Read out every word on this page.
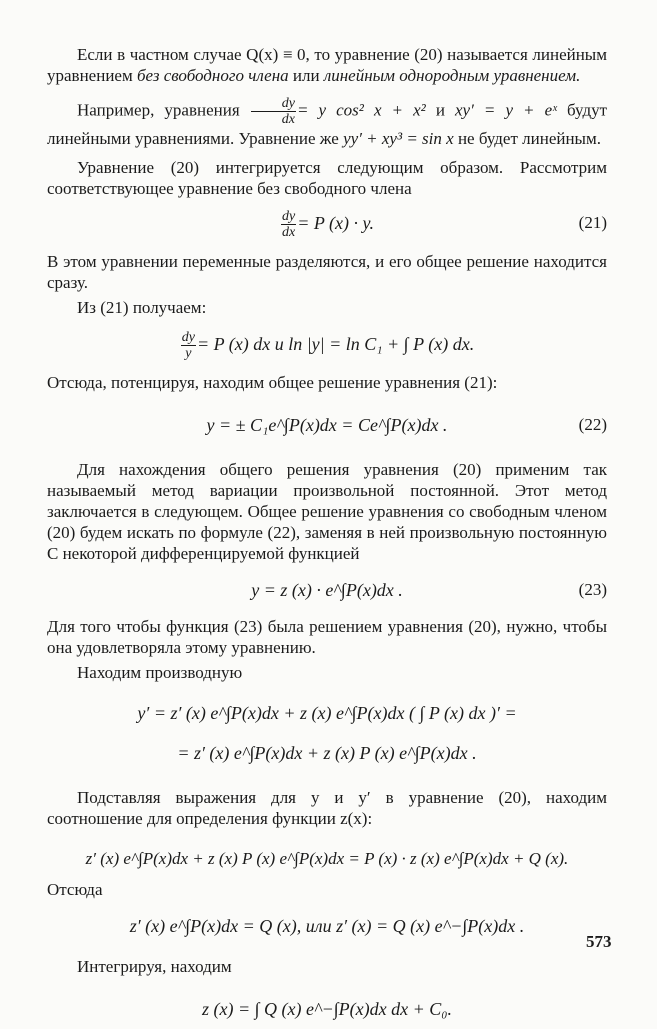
Если в частном случае Q(x) ≡ 0, то уравнение (20) называется линейным уравнением без свободного члена или линейным однородным уравнением.

Например, уравнения $\frac{dy}{dx} = y$ cos² x + x² и xy′ = y + eˣ будут линейными уравнениями. Уравнение же yy′ + xy³ = sin x не будет линейным.

Уравнение (20) интегрируется следующим образом. Рассмотрим соответствующее уравнение без свободного члена

$\frac{dy}{dx} = P$ (x) · y.	(21)

В этом уравнении переменные разделяются, и его общее решение находится сразу.

Из (21) получаем:

$\frac{dy}{y} = P$ (x) dx и ln |y| = ln C₁ + ∫ P (x) dx.

Отсюда, потенцируя, находим общее решение уравнения (21):

y = ± C₁e^∫P(x)dx = Ce^∫P(x)dx .	(22)

Для нахождения общего решения уравнения (20) применим так называемый метод вариации произвольной постоянной. Этот метод заключается в следующем. Общее решение уравнения со свободным членом (20) будем искать по формуле (22), заменяя в ней произвольную постоянную C некоторой дифференцируемой функцией

y = z (x) · e^∫P(x)dx .	(23)

Для того чтобы функция (23) была решением уравнения (20), нужно, чтобы она удовлетворяла этому уравнению.

Находим производную

y′ = z′ (x) e^∫P(x)dx + z (x) e^∫P(x)dx ( ∫ P (x) dx )′ =
= z′ (x) e^∫P(x)dx + z (x) P (x) e^∫P(x)dx .

Подставляя выражения для y и y′ в уравнение (20), находим соотношение для определения функции z(x):

z′ (x) e^∫P(x)dx + z (x) P (x) e^∫P(x)dx = P (x) · z (x) e^∫P(x)dx + Q (x).

Отсюда

z′ (x) e^∫P(x)dx = Q (x), или z′ (x) = Q (x) e^−∫P(x)dx .

Интегрируя, находим

z (x) = ∫ Q (x) e^−∫P(x)dx dx + C₀.
573
